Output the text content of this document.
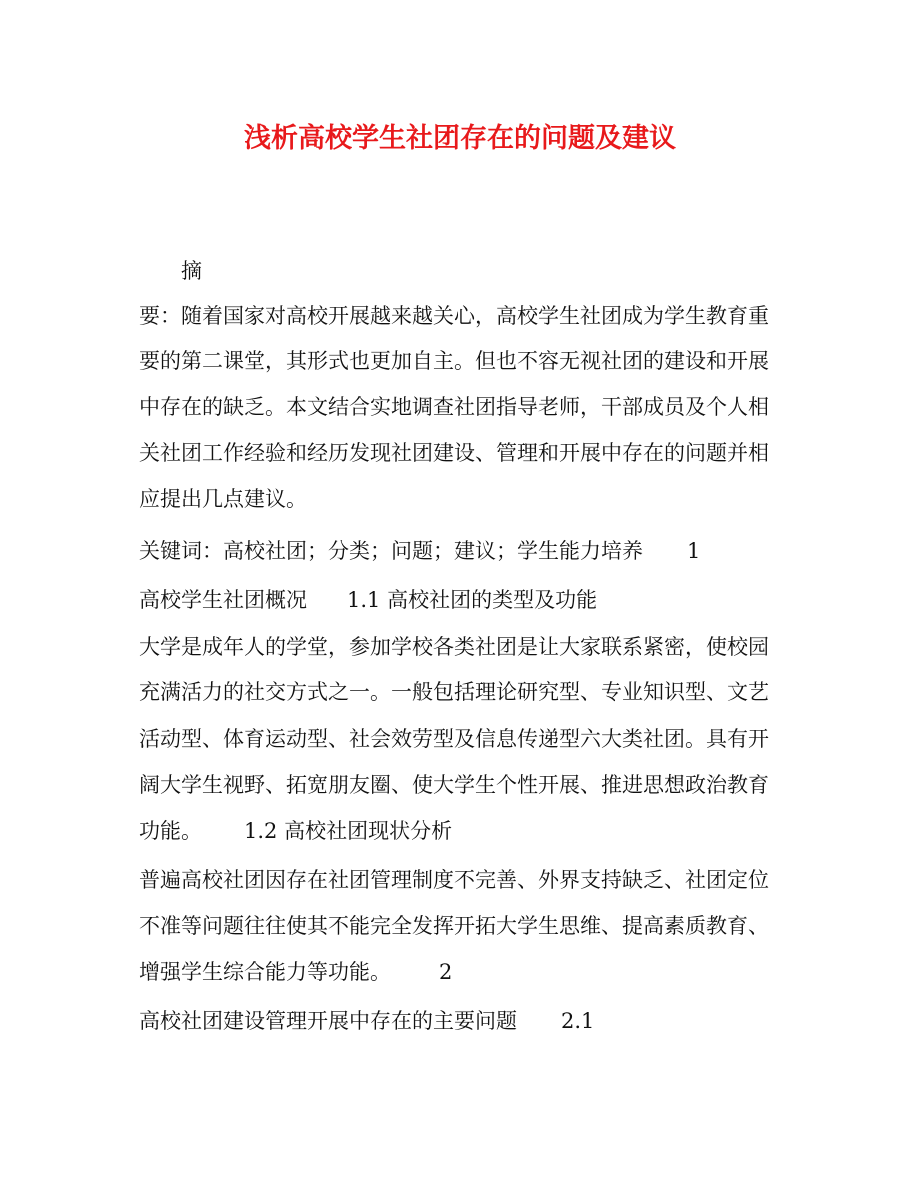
浅析高校学生社团存在的问题及建议
摘
要：随着国家对高校开展越来越关心，高校学生社团成为学生教育重
要的第二课堂，其形式也更加自主。但也不容无视社团的建设和开展
中存在的缺乏。本文结合实地调查社团指导老师，干部成员及个人相
关社团工作经验和经历发现社团建设、管理和开展中存在的问题并相
应提出几点建议。
关键词：高校社团；分类；问题；建议；学生能力培养 1
高校学生社团概况 1.1 高校社团的类型及功能
大学是成年人的学堂，参加学校各类社团是让大家联系紧密，使校园
充满活力的社交方式之一。一般包括理论研究型、专业知识型、文艺
活动型、体育运动型、社会效劳型及信息传递型六大类社团。具有开
阔大学生视野、拓宽朋友圈、使大学生个性开展、推进思想政治教育
功能。 1.2 高校社团现状分析
普遍高校社团因存在社团管理制度不完善、外界支持缺乏、社团定位
不准等问题往往使其不能完全发挥开拓大学生思维、提高素质教育、
增强学生综合能力等功能。 2
高校社团建设管理开展中存在的主要问题 2.1
